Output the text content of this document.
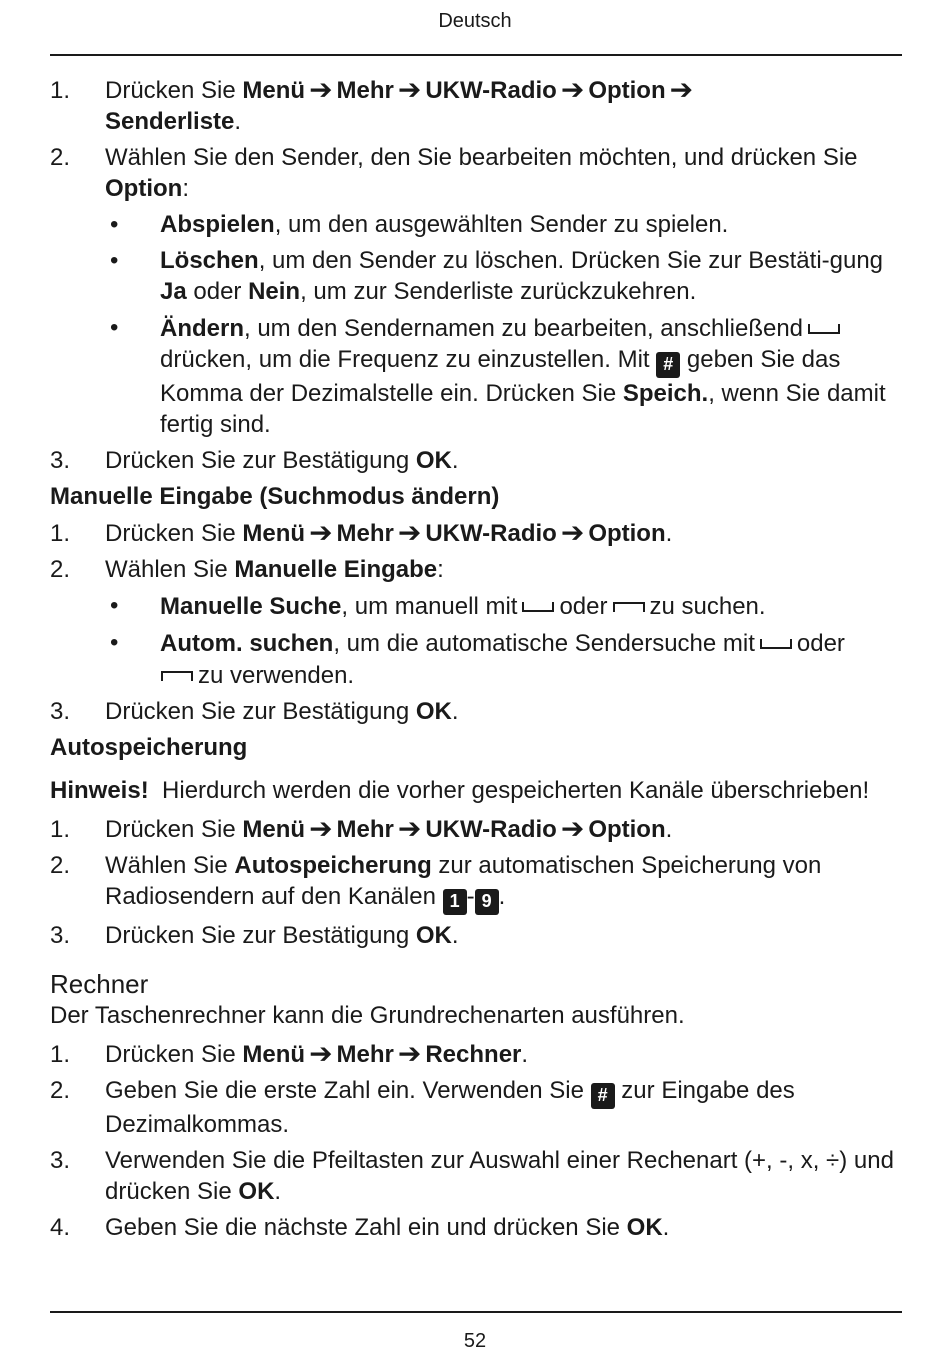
Deutsch
1. Drücken Sie Menü ➔ Mehr ➔ UKW-Radio ➔ Option ➔
Senderliste.
2. Wählen Sie den Sender, den Sie bearbeiten möchten, und drücken Sie Option:
• Abspielen, um den ausgewählten Sender zu spielen.
• Löschen, um den Sender zu löschen. Drücken Sie zur Bestäti-gung Ja oder Nein, um zur Senderliste zurückzukehren.
• Ändern, um den Sendernamen zu bearbeiten, anschließend
drücken, um die Frequenz zu einzustellen. Mit # geben Sie das Komma der Dezimalstelle ein. Drücken Sie Speich., wenn Sie damit fertig sind.
3. Drücken Sie zur Bestätigung OK.
Manuelle Eingabe (Suchmodus ändern)
1. Drücken Sie Menü ➔ Mehr ➔ UKW-Radio ➔ Option.
2. Wählen Sie Manuelle Eingabe:
• Manuelle Suche, um manuell mit oder zu suchen.
• Autom. suchen, um die automatische Sendersuche mit oder
zu verwenden.
3. Drücken Sie zur Bestätigung OK.
Autospeicherung
Hinweis!  Hierdurch werden die vorher gespeicherten Kanäle überschrieben!
1. Drücken Sie Menü ➔ Mehr ➔ UKW-Radio ➔ Option.
2. Wählen Sie Autospeicherung zur automatischen Speicherung von Radiosendern auf den Kanälen 1 - 9 .
3. Drücken Sie zur Bestätigung OK.
Rechner
Der Taschenrechner kann die Grundrechenarten ausführen.
1. Drücken Sie Menü ➔ Mehr ➔ Rechner.
2. Geben Sie die erste Zahl ein. Verwenden Sie # zur Eingabe des Dezimalkommas.
3. Verwenden Sie die Pfeiltasten zur Auswahl einer Rechenart (+, -, x, ÷) und drücken Sie OK.
4. Geben Sie die nächste Zahl ein und drücken Sie OK.
52
